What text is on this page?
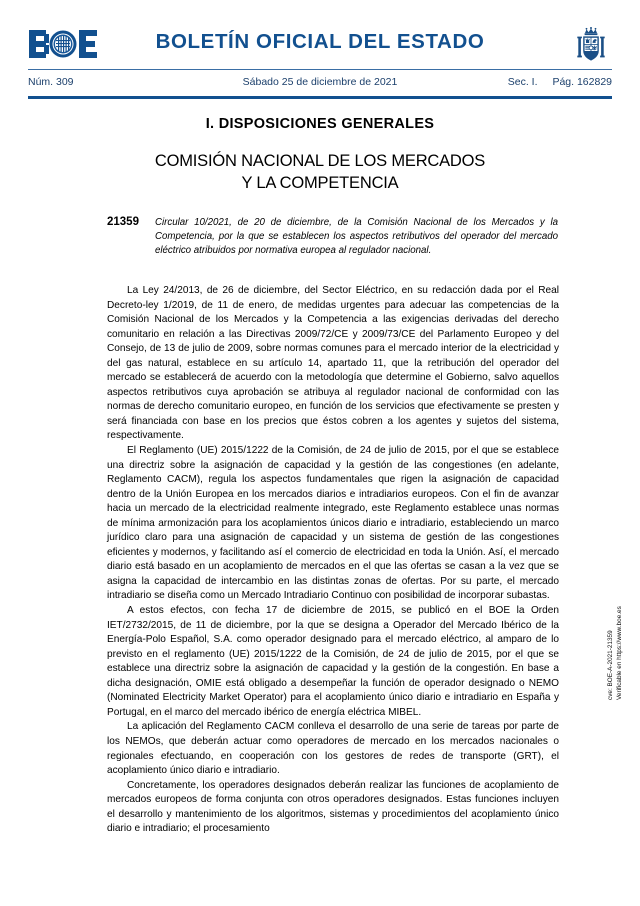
BOLETÍN OFICIAL DEL ESTADO
Núm. 309	Sábado 25 de diciembre de 2021	Sec. I. Pág. 162829
I. DISPOSICIONES GENERALES
COMISIÓN NACIONAL DE LOS MERCADOS
Y LA COMPETENCIA
21359 Circular 10/2021, de 20 de diciembre, de la Comisión Nacional de los Mercados y la Competencia, por la que se establecen los aspectos retributivos del operador del mercado eléctrico atribuidos por normativa europea al regulador nacional.

La Ley 24/2013, de 26 de diciembre, del Sector Eléctrico, en su redacción dada por el Real Decreto-ley 1/2019, de 11 de enero, de medidas urgentes para adecuar las competencias de la Comisión Nacional de los Mercados y la Competencia a las exigencias derivadas del derecho comunitario en relación a las Directivas 2009/72/CE y 2009/73/CE del Parlamento Europeo y del Consejo, de 13 de julio de 2009, sobre normas comunes para el mercado interior de la electricidad y del gas natural, establece en su artículo 14, apartado 11, que la retribución del operador del mercado se establecerá de acuerdo con la metodología que determine el Gobierno, salvo aquellos aspectos retributivos cuya aprobación se atribuya al regulador nacional de conformidad con las normas de derecho comunitario europeo, en función de los servicios que efectivamente se presten y será financiada con base en los precios que éstos cobren a los agentes y sujetos del sistema, respectivamente.

El Reglamento (UE) 2015/1222 de la Comisión, de 24 de julio de 2015, por el que se establece una directriz sobre la asignación de capacidad y la gestión de las congestiones (en adelante, Reglamento CACM), regula los aspectos fundamentales que rigen la asignación de capacidad dentro de la Unión Europea en los mercados diarios e intradiarios europeos. Con el fin de avanzar hacia un mercado de la electricidad realmente integrado, este Reglamento establece unas normas de mínima armonización para los acoplamientos únicos diario e intradiario, estableciendo un marco jurídico claro para una asignación de capacidad y un sistema de gestión de las congestiones eficientes y modernos, y facilitando así el comercio de electricidad en toda la Unión. Así, el mercado diario está basado en un acoplamiento de mercados en el que las ofertas se casan a la vez que se asigna la capacidad de intercambio en las distintas zonas de ofertas. Por su parte, el mercado intradiario se diseña como un Mercado Intradiario Continuo con posibilidad de incorporar subastas.

A estos efectos, con fecha 17 de diciembre de 2015, se publicó en el BOE la Orden IET/2732/2015, de 11 de diciembre, por la que se designa a Operador del Mercado Ibérico de la Energía-Polo Español, S.A. como operador designado para el mercado eléctrico, al amparo de lo previsto en el reglamento (UE) 2015/1222 de la Comisión, de 24 de julio de 2015, por el que se establece una directriz sobre la asignación de capacidad y la gestión de la congestión. En base a dicha designación, OMIE está obligado a desempeñar la función de operador designado o NEMO (Nominated Electricity Market Operator) para el acoplamiento único diario e intradiario en España y Portugal, en el marco del mercado ibérico de energía eléctrica MIBEL.

La aplicación del Reglamento CACM conlleva el desarrollo de una serie de tareas por parte de los NEMOs, que deberán actuar como operadores de mercado en los mercados nacionales o regionales efectuando, en cooperación con los gestores de redes de transporte (GRT), el acoplamiento único diario e intradiario.

Concretamente, los operadores designados deberán realizar las funciones de acoplamiento de mercados europeos de forma conjunta con otros operadores designados. Estas funciones incluyen el desarrollo y mantenimiento de los algoritmos, sistemas y procedimientos del acoplamiento único diario e intradiario; el procesamiento

cve: BOE-A-2021-21359 Verificable en https://www.boe.es
